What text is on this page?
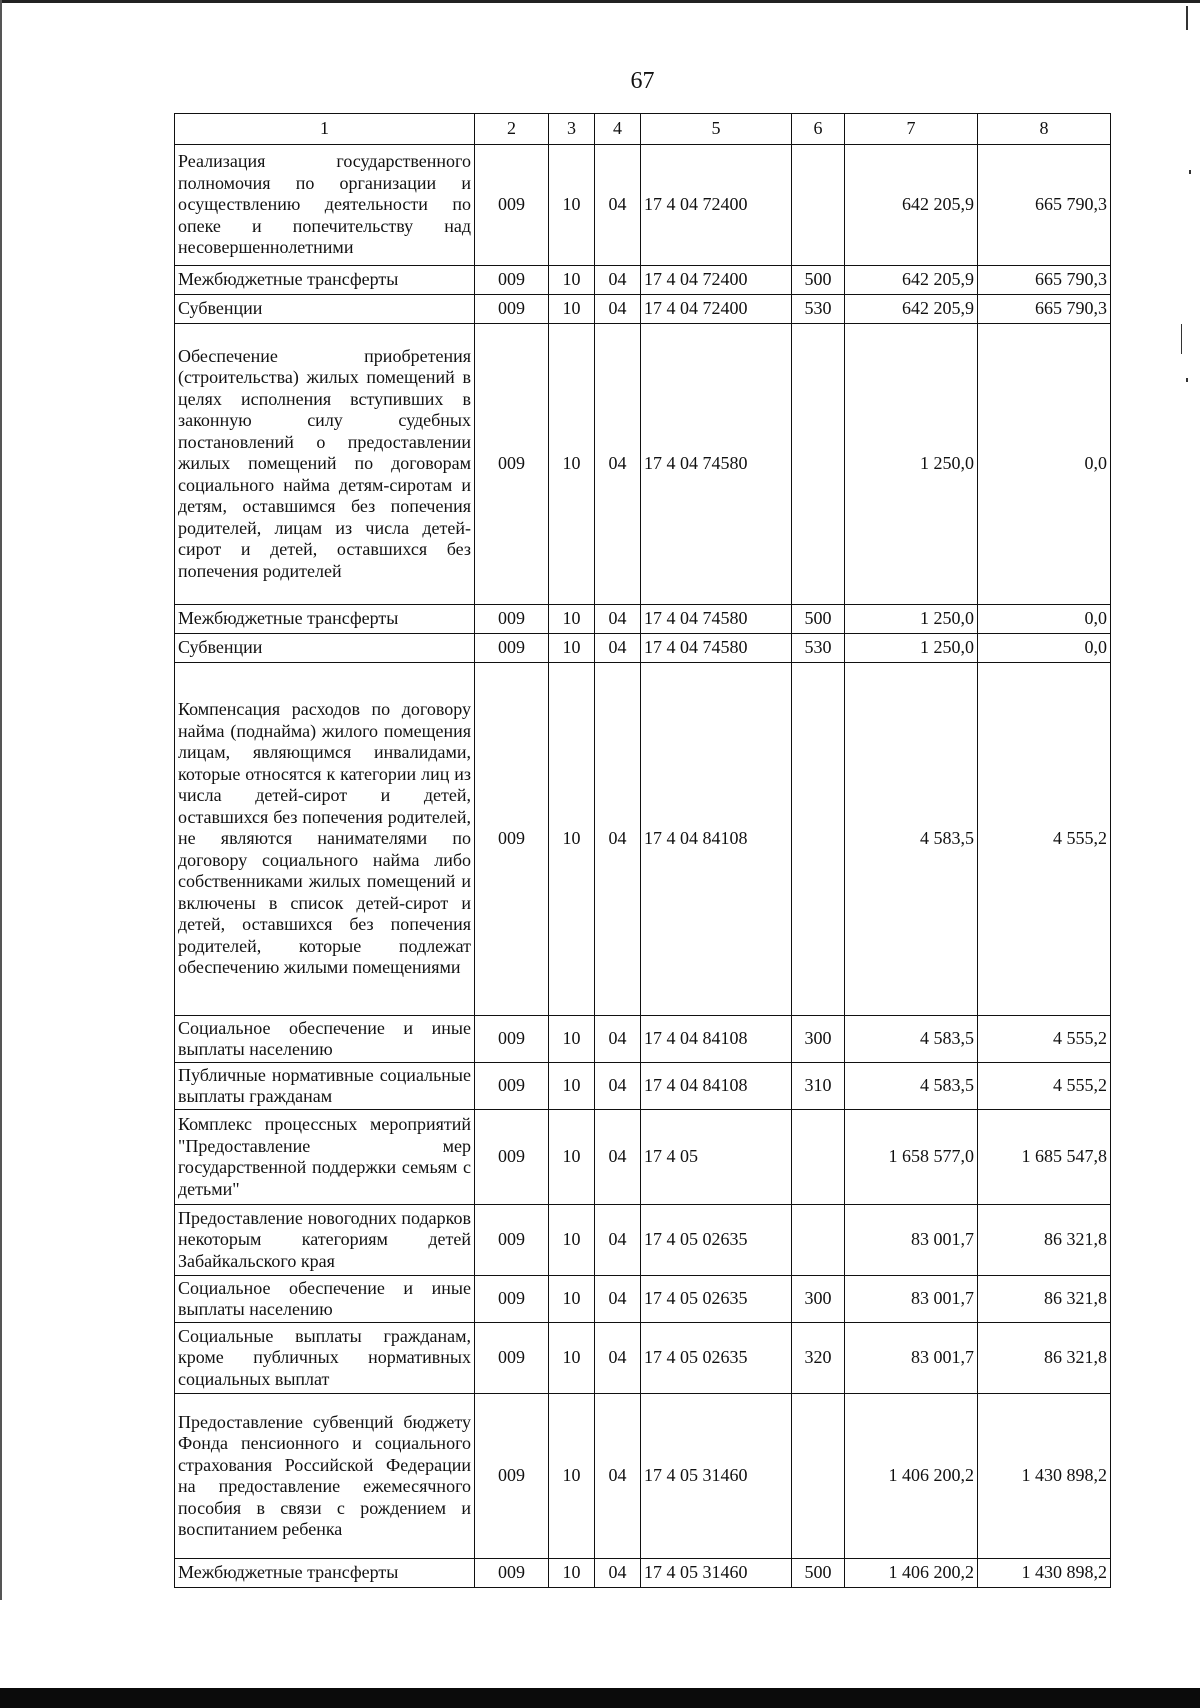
67
1	2	3	4	5	6	7	8
Реализация государственного полномочия по организации и осуществлению деятельности по опеке и попечительству над несовершеннолетними	009	10	04	17 4 04 72400		642 205,9	665 790,3
Межбюджетные трансферты	009	10	04	17 4 04 72400	500	642 205,9	665 790,3
Субвенции	009	10	04	17 4 04 72400	530	642 205,9	665 790,3
Обеспечение приобретения (строительства) жилых помещений в целях исполнения вступивших в законную силу судебных постановлений о предоставлении жилых помещений по договорам социального найма детям-сиротам и детям, оставшимся без попечения родителей, лицам из числа детей-сирот и детей, оставшихся без попечения родителей	009	10	04	17 4 04 74580		1 250,0	0,0
Межбюджетные трансферты	009	10	04	17 4 04 74580	500	1 250,0	0,0
Субвенции	009	10	04	17 4 04 74580	530	1 250,0	0,0
Компенсация расходов по договору найма (поднайма) жилого помещения лицам, являющимся инвалидами, которые относятся к категории лиц из числа детей-сирот и детей, оставшихся без попечения родителей, не являются нанимателями по договору социального найма либо собственниками жилых помещений и включены в список детей-сирот и детей, оставшихся без попечения родителей, которые подлежат обеспечению жилыми помещениями	009	10	04	17 4 04 84108		4 583,5	4 555,2
Социальное обеспечение и иные выплаты населению	009	10	04	17 4 04 84108	300	4 583,5	4 555,2
Публичные нормативные социальные выплаты гражданам	009	10	04	17 4 04 84108	310	4 583,5	4 555,2
Комплекс процессных мероприятий "Предоставление мер государственной поддержки семьям с детьми"	009	10	04	17 4 05		1 658 577,0	1 685 547,8
Предоставление новогодних подарков некоторым категориям детей Забайкальского края	009	10	04	17 4 05 02635		83 001,7	86 321,8
Социальное обеспечение и иные выплаты населению	009	10	04	17 4 05 02635	300	83 001,7	86 321,8
Социальные выплаты гражданам, кроме публичных нормативных социальных выплат	009	10	04	17 4 05 02635	320	83 001,7	86 321,8
Предоставление субвенций бюджету Фонда пенсионного и социального страхования Российской Федерации на предоставление ежемесячного пособия в связи с рождением и воспитанием ребенка	009	10	04	17 4 05 31460		1 406 200,2	1 430 898,2
Межбюджетные трансферты	009	10	04	17 4 05 31460	500	1 406 200,2	1 430 898,2
